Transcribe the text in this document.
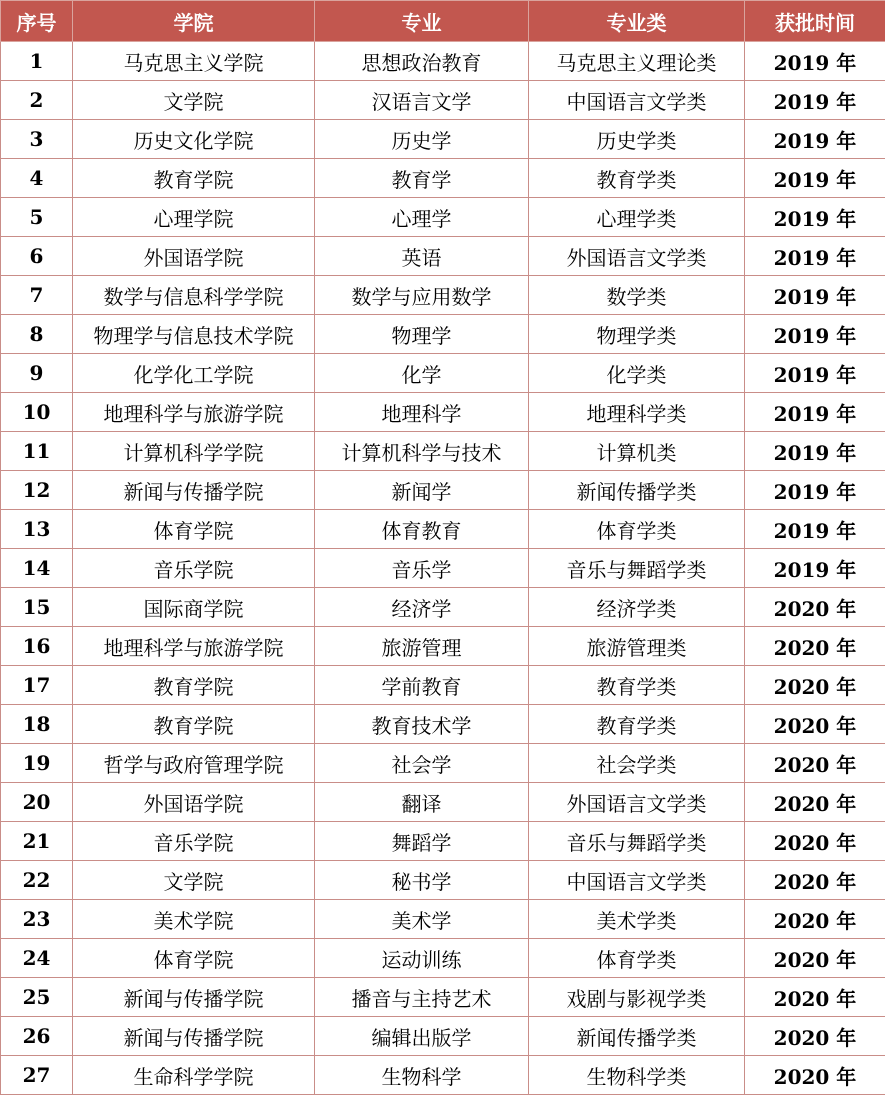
序号	学院	专业	专业类	获批时间
1	马克思主义学院	思想政治教育	马克思主义理论类	2019 年
2	文学院	汉语言文学	中国语言文学类	2019 年
3	历史文化学院	历史学	历史学类	2019 年
4	教育学院	教育学	教育学类	2019 年
5	心理学院	心理学	心理学类	2019 年
6	外国语学院	英语	外国语言文学类	2019 年
7	数学与信息科学学院	数学与应用数学	数学类	2019 年
8	物理学与信息技术学院	物理学	物理学类	2019 年
9	化学化工学院	化学	化学类	2019 年
10	地理科学与旅游学院	地理科学	地理科学类	2019 年
11	计算机科学学院	计算机科学与技术	计算机类	2019 年
12	新闻与传播学院	新闻学	新闻传播学类	2019 年
13	体育学院	体育教育	体育学类	2019 年
14	音乐学院	音乐学	音乐与舞蹈学类	2019 年
15	国际商学院	经济学	经济学类	2020 年
16	地理科学与旅游学院	旅游管理	旅游管理类	2020 年
17	教育学院	学前教育	教育学类	2020 年
18	教育学院	教育技术学	教育学类	2020 年
19	哲学与政府管理学院	社会学	社会学类	2020 年
20	外国语学院	翻译	外国语言文学类	2020 年
21	音乐学院	舞蹈学	音乐与舞蹈学类	2020 年
22	文学院	秘书学	中国语言文学类	2020 年
23	美术学院	美术学	美术学类	2020 年
24	体育学院	运动训练	体育学类	2020 年
25	新闻与传播学院	播音与主持艺术	戏剧与影视学类	2020 年
26	新闻与传播学院	编辑出版学	新闻传播学类	2020 年
27	生命科学学院	生物科学	生物科学类	2020 年
